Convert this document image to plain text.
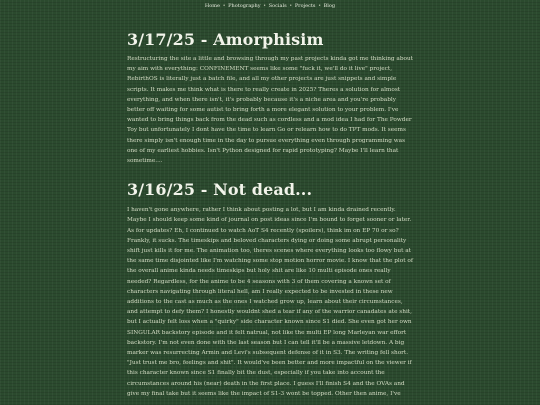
Home • Photography • Socials • Projects • Blog
3/17/25 - Amorphisim

Restructuring the site a little and browsing through my past projects kinda got me thinking about my aim with everything: CONFINEMENT seems like some "fuck it, we'll do it live" project, RebirthOS is literally just a batch file, and all my other projects are just snippets and simple scripts. It makes me think what is there to really create in 2025? Theres a solution for almost everything, and when there isn't, it's probably because it's a niche area and you're probably better off waiting for some autist to bring forth a more elegant solution to your problem. I've wanted to bring things back from the dead such as cordless and a mod idea I had for The Powder Toy but unfortunately I dont have the time to learn Go or relearn how to do TPT mods. It seems there simply isn't enough time in the day to pursue everything even through programming was one of my earliest hobbies. Isn't Python designed for rapid prototyping? Maybe I'll learn that sometime....

3/16/25 - Not dead...

I haven't gone anywhere, rather I think about posting a lot, but I am kinda drained recently. Maybe I should keep some kind of journal on post ideas since I'm bound to forget sooner or later. As for updates? Eh, I continued to watch AoT S4 recently (spoilers), think im on EP 70 or so? Frankly, it sucks. The timeskips and beloved characters dying or doing some abrupt personality shift just kills it for me. The animation too, theres scenes where everything looks too flowy but at the same time disjointed like I'm watching some stop motion horror movie. I know that the plot of the overall anime kinda needs timeskips but holy shit are like 10 multi episode ones really needed? Regardless, for the anime to be 4 seasons with 3 of them covering a known set of characters navigating through literal hell, am I really expected to be invested in these new additions to the cast as much as the ones I watched grow up, learn about their circumstances, and attempt to defy them? I honestly wouldnt shed a tear if any of the warrior canadates ate shit, but I actually felt loss when a "quirky" side character known since S1 died. She even got her own SINGULAR backstory episode and it felt natrual, not like the multi EP long Marleyan war effort backstory. I'm not even done with the last season but I can tell it'll be a massive letdown. A big marker was resurrecting Armin and Levi's subsequent defense of it in S3. The writing fell short. "Just trust me bro, feelings and shit". It would've been better and more impactful on the viewer if this character known since S1 finally bit the dust, especially if you take into account the circumstances around his (near) death in the first place. I guess I'll finish S4 and the OVAs and give my final take but it seems like the impact of S1-3 wont be topped. Other then anime, I've
